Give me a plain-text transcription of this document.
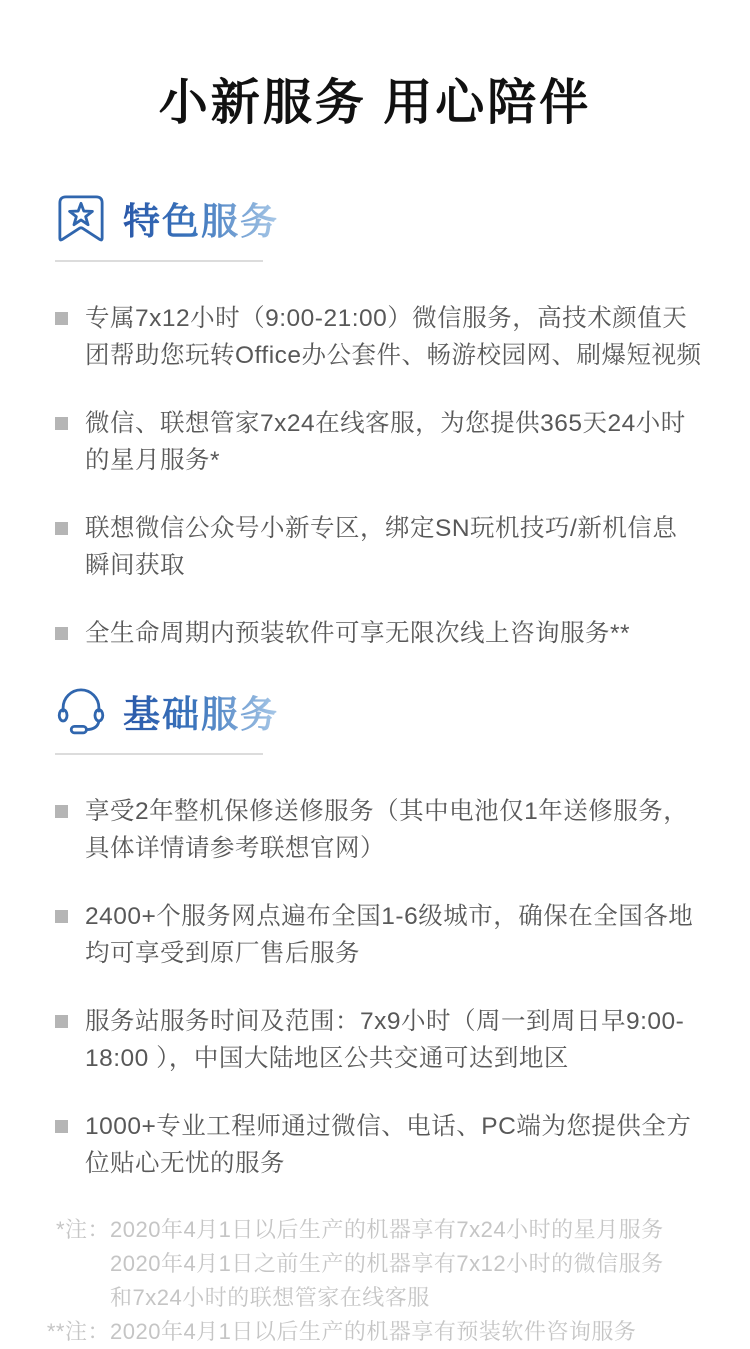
小新服务 用心陪伴
特色服务
专属7x12小时（9:00-21:00）微信服务，高技术颜值天团帮助您玩转Office办公套件、畅游校园网、刷爆短视频
微信、联想管家7x24在线客服，为您提供365天24小时的星月服务*
联想微信公众号小新专区，绑定SN玩机技巧/新机信息瞬间获取
全生命周期内预装软件可享无限次线上咨询服务**
基础服务
享受2年整机保修送修服务（其中电池仅1年送修服务，具体详情请参考联想官网）
2400+个服务网点遍布全国1-6级城市，确保在全国各地均可享受到原厂售后服务
服务站服务时间及范围：7x9小时（周一到周日早9:00-18:00 ），中国大陆地区公共交通可达到地区
1000+专业工程师通过微信、电话、PC端为您提供全方位贴心无忧的服务
*注： 2020年4月1日以后生产的机器享有7x24小时的星月服务
2020年4月1日之前生产的机器享有7x12小时的微信服务
和7x24小时的联想管家在线客服
**注： 2020年4月1日以后生产的机器享有预装软件咨询服务
